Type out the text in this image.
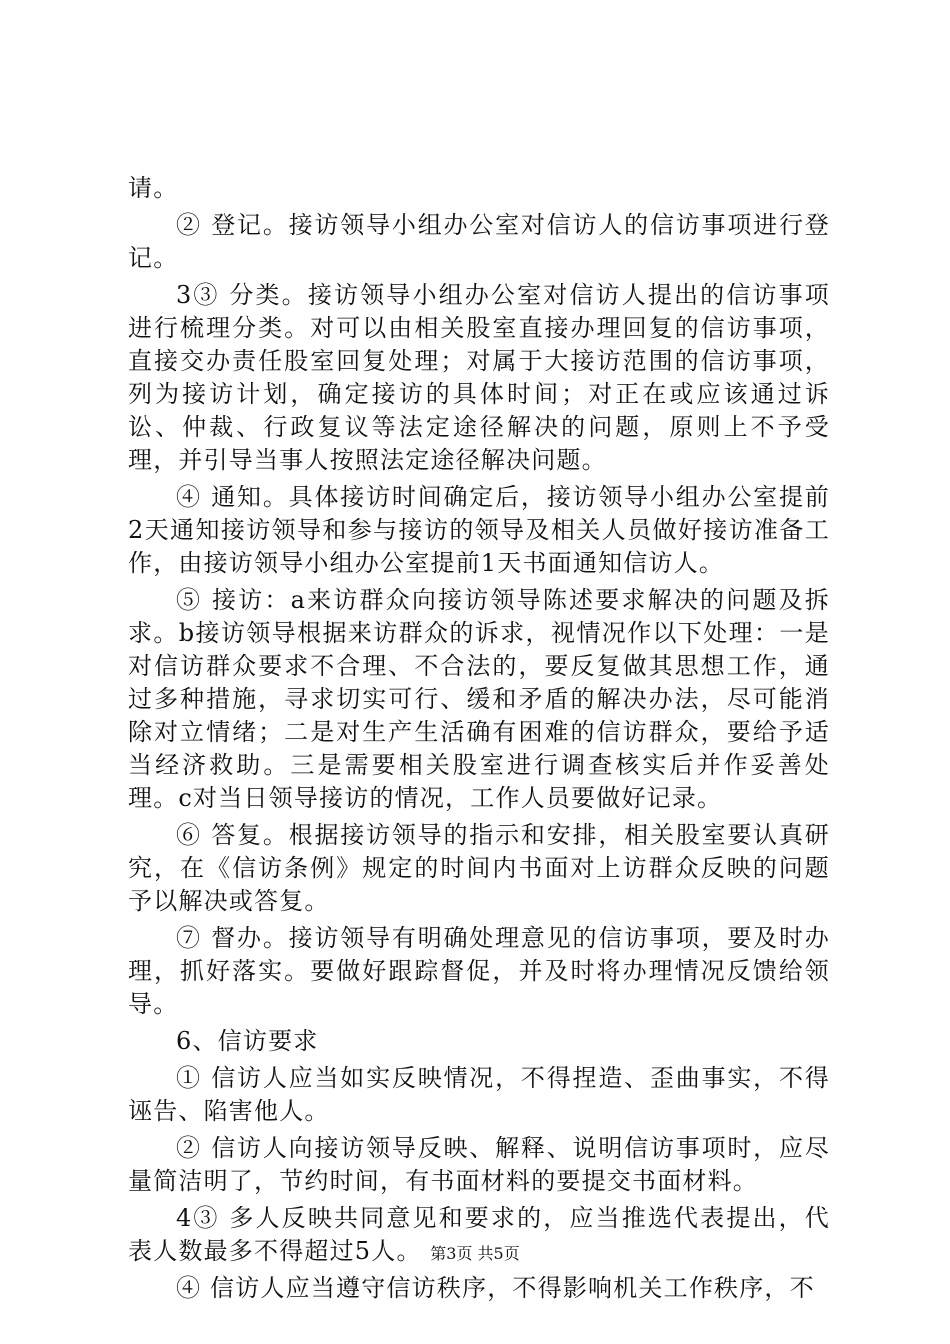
请。

② 登记。接访领导小组办公室对信访人的信访事项进行登记。

3③ 分类。接访领导小组办公室对信访人提出的信访事项进行梳理分类。对可以由相关股室直接办理回复的信访事项，直接交办责任股室回复处理；对属于大接访范围的信访事项，列为接访计划，确定接访的具体时间；对正在或应该通过诉讼、仲裁、行政复议等法定途径解决的问题，原则上不予受理，并引导当事人按照法定途径解决问题。

④ 通知。具体接访时间确定后，接访领导小组办公室提前2天通知接访领导和参与接访的领导及相关人员做好接访准备工作，由接访领导小组办公室提前1天书面通知信访人。

⑤ 接访：a来访群众向接访领导陈述要求解决的问题及拆求。b接访领导根据来访群众的诉求，视情况作以下处理：一是对信访群众要求不合理、不合法的，要反复做其思想工作，通过多种措施，寻求切实可行、缓和矛盾的解决办法，尽可能消除对立情绪；二是对生产生活确有困难的信访群众，要给予适当经济救助。三是需要相关股室进行调查核实后并作妥善处理。c对当日领导接访的情况，工作人员要做好记录。

⑥ 答复。根据接访领导的指示和安排，相关股室要认真研究，在《信访条例》规定的时间内书面对上访群众反映的问题予以解决或答复。

⑦ 督办。接访领导有明确处理意见的信访事项，要及时办理，抓好落实。要做好跟踪督促，并及时将办理情况反馈给领导。

6、信访要求

① 信访人应当如实反映情况，不得捏造、歪曲事实，不得诬告、陷害他人。

② 信访人向接访领导反映、解释、说明信访事项时，应尽量简洁明了，节约时间，有书面材料的要提交书面材料。

4③ 多人反映共同意见和要求的，应当推选代表提出，代表人数最多不得超过5人。

④ 信访人应当遵守信访秩序，不得影响机关工作秩序，不

第3页 共5页
